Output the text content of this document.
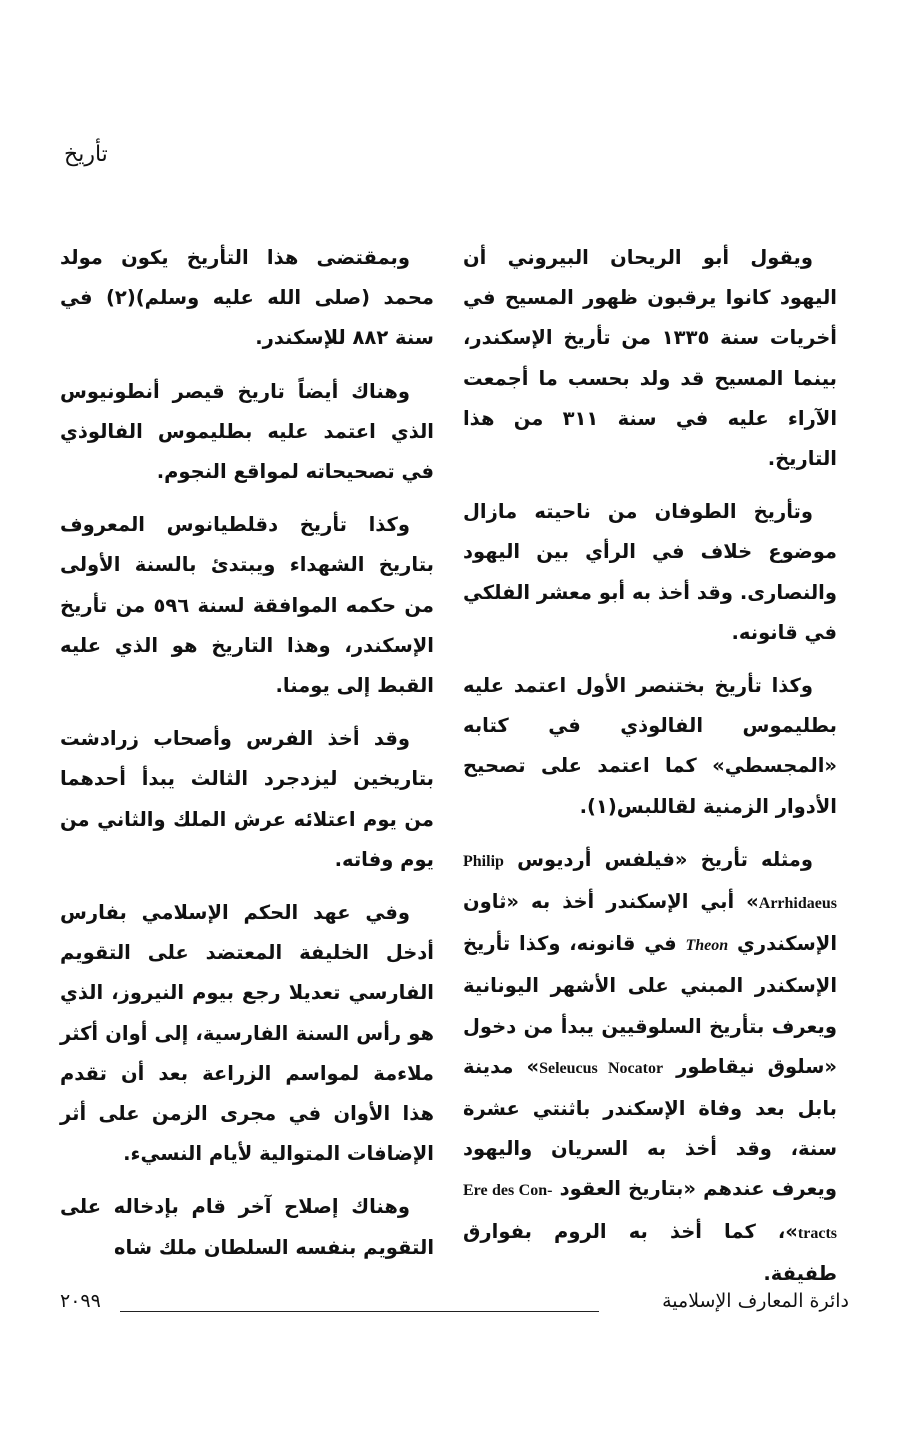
تأريخ

ويقول أبو الريحان البيروني أن اليهود كانوا يرقبون ظهور المسيح في أخريات سنة ١٣٣٥ من تأريخ الإسكندر، بينما المسيح قد ولد بحسب ما أجمعت الآراء عليه في سنة ٣١١ من هذا التاريخ.

وتأريخ الطوفان من ناحيته مازال موضوع خلاف في الرأي بين اليهود والنصارى. وقد أخذ به أبو معشر الفلكي في قانونه.

وكذا تأريخ بختنصر الأول اعتمد عليه بطليموس الفالوذي في كتابه «المجسطي» كما اعتمد على تصحيح الأدوار الزمنية لقاللبس(١).

ومثله تأريخ «فيلفس أرديوس Philip Arrhidaeus» أبي الإسكندر أخذ به «ثاون الإسكندري Theon في قانونه، وكذا تأريخ الإسكندر المبني على الأشهر اليونانية ويعرف بتأريخ السلوقيين يبدأ من دخول «سلوق نيقاطور Seleucus Nocator» مدينة بابل بعد وفاة الإسكندر باثنتي عشرة سنة، وقد أخذ به السريان واليهود ويعرف عندهم «بتاريخ العقود Ere des Con- tracts»، كما أخذ به الروم بفوارق طفيفة.

وبمقتضى هذا التأريخ يكون مولد محمد (صلى الله عليه وسلم)(٢) في سنة ٨٨٢ للإسكندر.

وهناك أيضاً تاريخ قيصر أنطونيوس الذي اعتمد عليه بطليموس الفالوذي في تصحيحاته لمواقع النجوم.

وكذا تأريخ دقلطيانوس المعروف بتاريخ الشهداء ويبتدئ بالسنة الأولى من حكمه الموافقة لسنة ٥٩٦ من تأريخ الإسكندر، وهذا التاريخ هو الذي عليه القبط إلى يومنا.

وقد أخذ الفرس وأصحاب زرادشت بتاريخين ليزدجرد الثالث يبدأ أحدهما من يوم اعتلائه عرش الملك والثاني من يوم وفاته.

وفي عهد الحكم الإسلامي بفارس أدخل الخليفة المعتضد على التقويم الفارسي تعديلا رجع بيوم النيروز، الذي هو رأس السنة الفارسية، إلى أوان أكثر ملاءمة لمواسم الزراعة بعد أن تقدم هذا الأوان في مجرى الزمن على أثر الإضافات المتوالية لأيام النسيء.

وهناك إصلاح آخر قام بإدخاله على التقويم بنفسه السلطان ملك شاه

دائرة المعارف الإسلامية
٢٠٩٩
